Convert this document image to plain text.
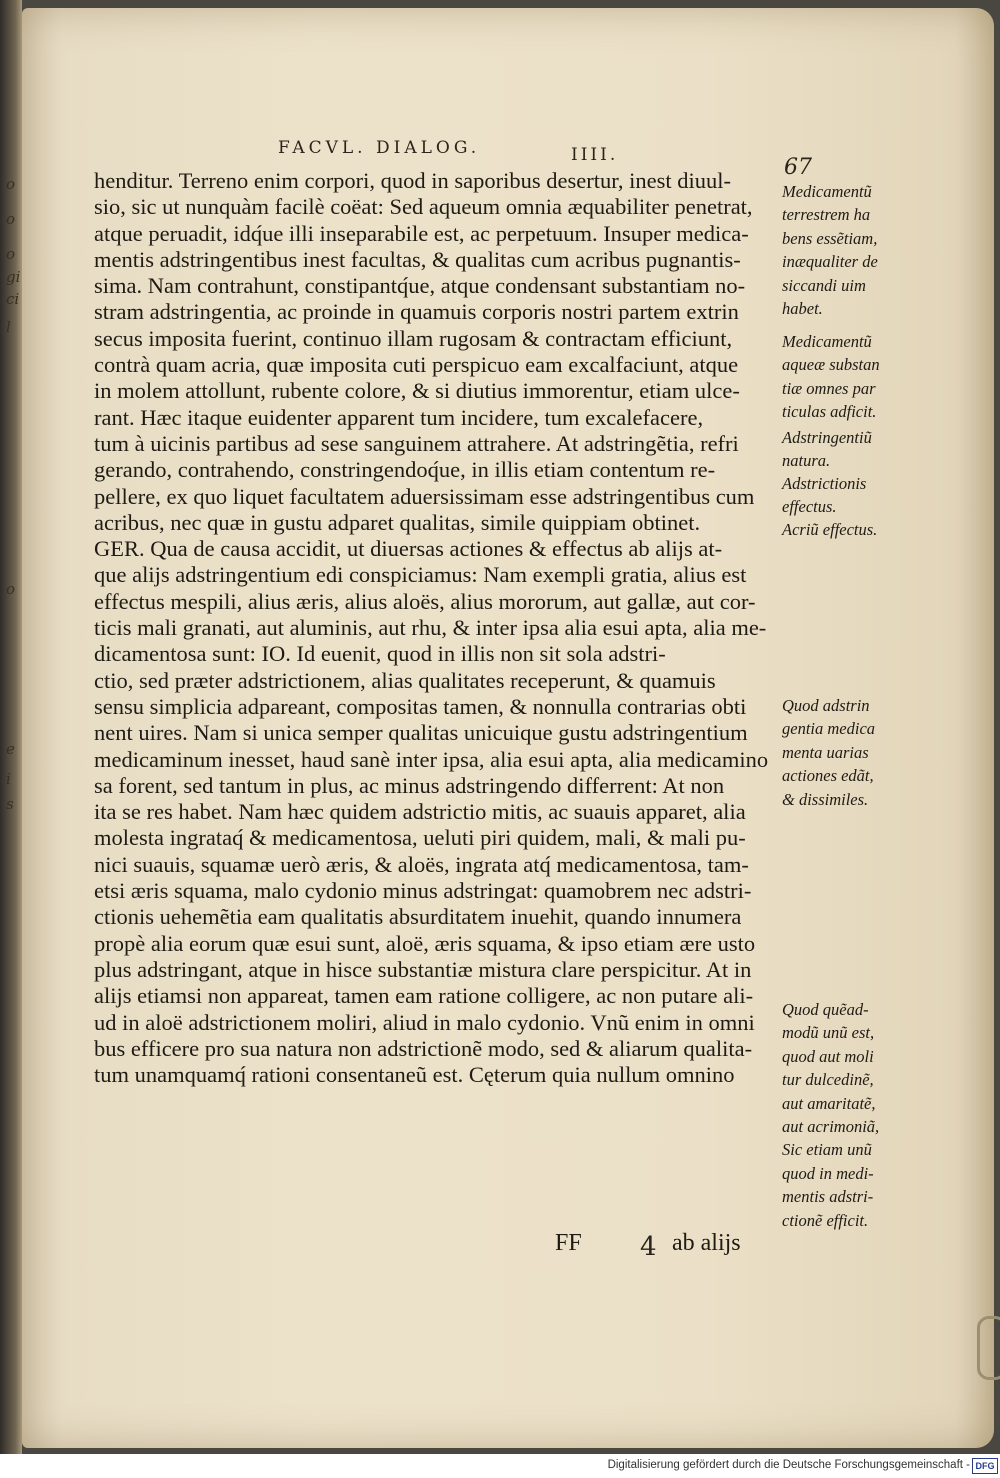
o
o
o
gi
ci
l
o
e
i
s
FACVL. DIALOG.	IIII.	67
henditur. Terreno enim corpori, quod in saporibus desertur, inest diuul-
sio, sic ut nunquàm facilè coëat: Sed aqueum omnia æquabiliter penetrat,
atque peruadit, idq́ue illi inseparabile est, ac perpetuum. Insuper medica-
mentis adstringentibus inest facultas, & qualitas cum acribus pugnantis-
sima. Nam contrahunt, constipantq́ue, atque condensant substantiam no-
stram adstringentia, ac proinde in quamuis corporis nostri partem extrin
secus imposita fuerint, continuo illam rugosam & contractam efficiunt,
contrà quam acria, quæ imposita cuti perspicuo eam excalfaciunt, atque
in molem attollunt, rubente colore, & si diutius immorentur, etiam ulce-
rant. Hæc itaque euidenter apparent tum incidere, tum excalefacere,
tum à uicinis partibus ad sese sanguinem attrahere. At adstringẽtia, refri
gerando, contrahendo, constringendoq́ue, in illis etiam contentum re-
pellere, ex quo liquet facultatem aduersissimam esse adstringentibus cum
acribus, nec quæ in gustu adparet qualitas, simile quippiam obtinet.
GER. Qua de causa accidit, ut diuersas actiones & effectus ab alijs at-
que alijs adstringentium edi conspiciamus: Nam exempli gratia, alius est
effectus mespili, alius æris, alius aloës, alius mororum, aut gallæ, aut cor-
ticis mali granati, aut aluminis, aut rhu, & inter ipsa alia esui apta, alia me-
dicamentosa sunt: IO. Id euenit, quod in illis non sit sola adstri-
ctio, sed præter adstrictionem, alias qualitates receperunt, & quamuis
sensu simplicia adpareant, compositas tamen, & nonnulla contrarias obti
nent uires. Nam si unica semper qualitas unicuique gustu adstringentium
medicaminum inesset, haud sanè inter ipsa, alia esui apta, alia medicamino
sa forent, sed tantum in plus, ac minus adstringendo differrent: At non
ita se res habet. Nam hæc quidem adstrictio mitis, ac suauis apparet, alia
molesta ingrataq́ & medicamentosa, ueluti piri quidem, mali, & mali pu-
nici suauis, squamæ uerò æris, & aloës, ingrata atq́ medicamentosa, tam-
etsi æris squama, malo cydonio minus adstringat: quamobrem nec adstri-
ctionis uehemẽtia eam qualitatis absurditatem inuehit, quando innumera
propè alia eorum quæ esui sunt, aloë, æris squama, & ipso etiam ære usto
plus adstringant, atque in hisce substantiæ mistura clare perspicitur. At in
alijs etiamsi non appareat, tamen eam ratione colligere, ac non putare ali-
ud in aloë adstrictionem moliri, aliud in malo cydonio. Vnũ enim in omni
bus efficere pro sua natura non adstrictionẽ modo, sed & aliarum qualita-
tum unamquamq́ rationi consentaneũ est. Cęterum quia nullum omnino
Medicamentũ
terrestrem ha
bens essẽtiam,
inæqualiter de
siccandi uim
habet.
Medicamentũ
aqueæ substan
tiæ omnes par
ticulas adficit.
Adstringentiũ
natura.
Adstrictionis
effectus.
Acriũ effectus.
Quod adstrin
gentia medica
menta uarias
actiones edãt,
& dissimiles.
Quod quẽad-
modũ unũ est,
quod aut moli
tur dulcedinẽ,
aut amaritatẽ,
aut acrimoniã,
Sic etiam unũ
quod in medi-
mentis adstri-
ctionẽ efficit.
FF 4 ab alijs
Digitalisierung gefördert durch die Deutsche Forschungsgemeinschaft - DFG
